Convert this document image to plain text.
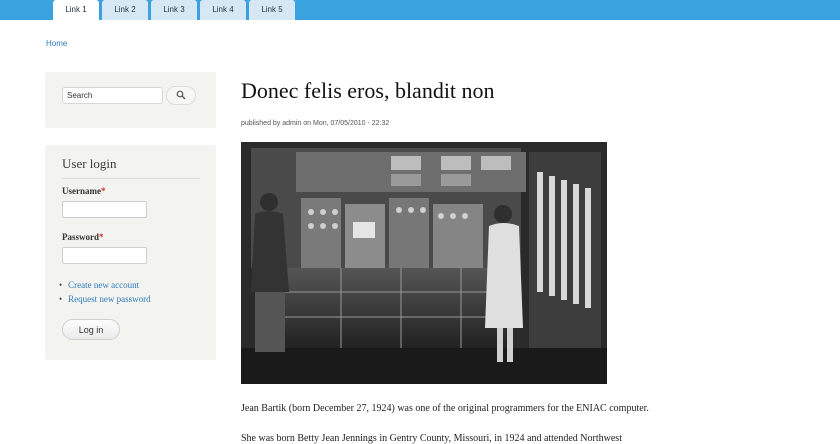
Link 1	Link 2	Link 3	Link 4	Link 5
Home
Search
User login
Username*
Password*
• Create new account
• Request new password
Log in
Donec felis eros, blandit non
published by admin on Mon, 07/05/2010 - 22:32

Jean Bartik (born December 27, 1924) was one of the original programmers for the ENIAC computer.

She was born Betty Jean Jennings in Gentry County, Missouri, in 1924 and attended Northwest
